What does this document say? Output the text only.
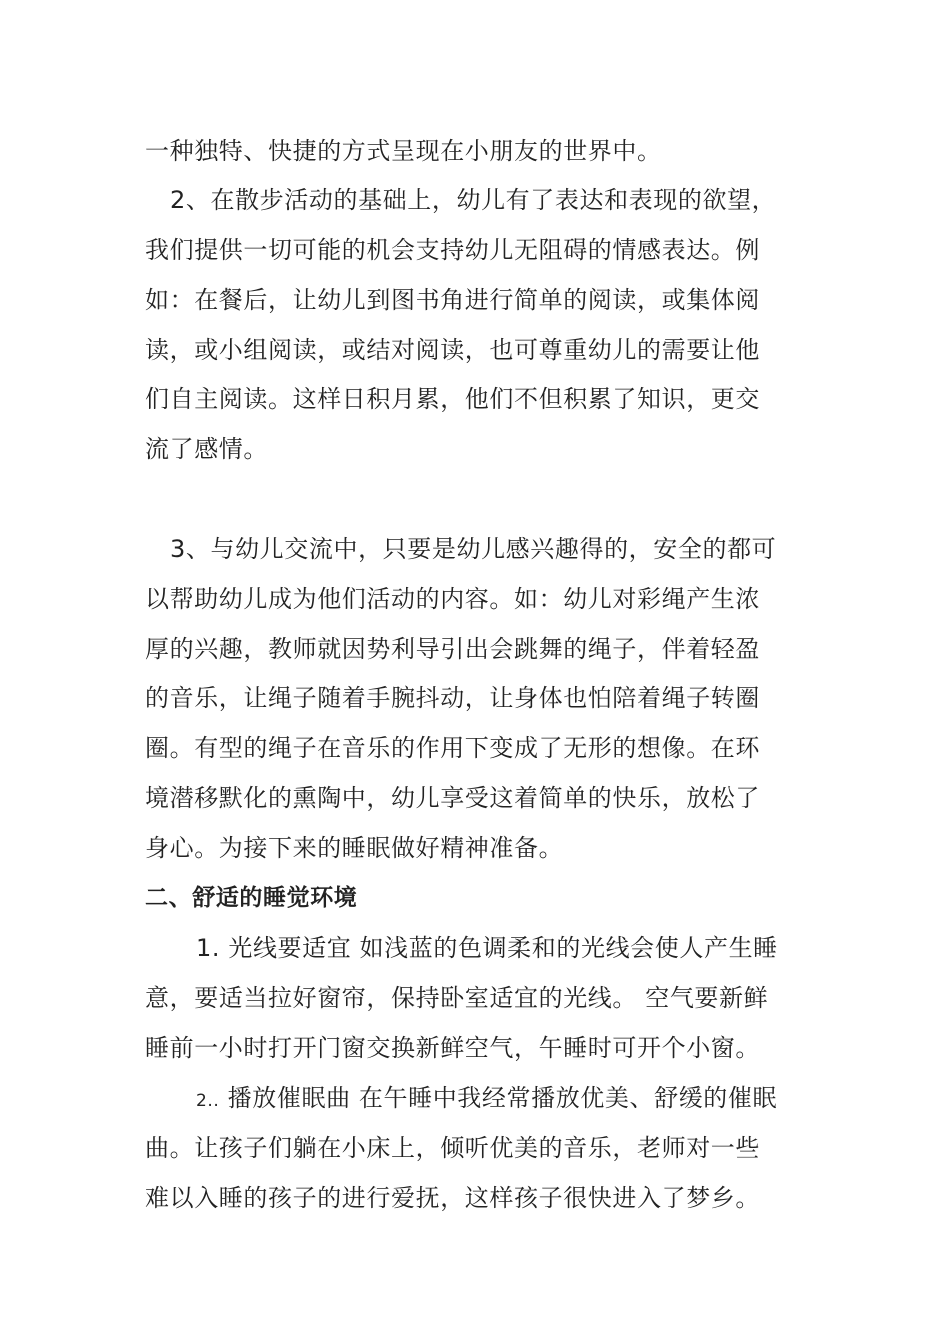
一种独特、快捷的方式呈现在小朋友的世界中。
2、在散步活动的基础上，幼儿有了表达和表现的欲望，
我们提供一切可能的机会支持幼儿无阻碍的情感表达。例
如：在餐后，让幼儿到图书角进行简单的阅读，或集体阅
读，或小组阅读，或结对阅读，也可尊重幼儿的需要让他
们自主阅读。这样日积月累，他们不但积累了知识，更交
流了感情。
3、与幼儿交流中，只要是幼儿感兴趣得的，安全的都可
以帮助幼儿成为他们活动的内容。如：幼儿对彩绳产生浓
厚的兴趣，教师就因势利导引出会跳舞的绳子，伴着轻盈
的音乐，让绳子随着手腕抖动，让身体也怕陪着绳子转圈
圈。有型的绳子在音乐的作用下变成了无形的想像。在环
境潜移默化的熏陶中，幼儿享受这着简单的快乐，放松了
身心。为接下来的睡眠做好精神准备。
二、舒适的睡觉环境
1. 光线要适宜 如浅蓝的色调柔和的光线会使人产生睡
意，要适当拉好窗帘，保持卧室适宜的光线。 空气要新鲜
睡前一小时打开门窗交换新鲜空气，午睡时可开个小窗。
2.. 播放催眠曲 在午睡中我经常播放优美、舒缓的催眠
曲。让孩子们躺在小床上，倾听优美的音乐，老师对一些
难以入睡的孩子的进行爱抚，这样孩子很快进入了梦乡。
